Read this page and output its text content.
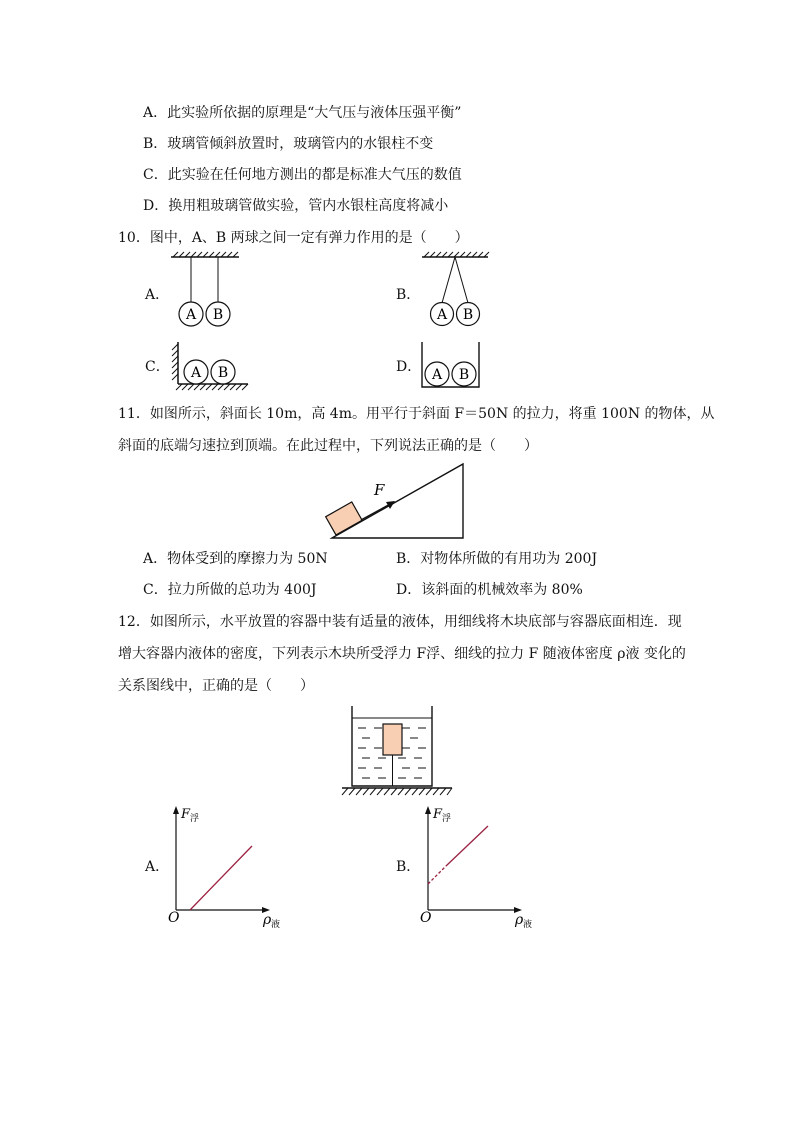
A．此实验所依据的原理是“大气压与液体压强平衡”
B．玻璃管倾斜放置时，玻璃管内的水银柱不变
C．此实验在任何地方测出的都是标准大气压的数值
D．换用粗玻璃管做实验，管内水银柱高度将减小
10．图中，A、B 两球之间一定有弹力作用的是（　　）
A．
A B
B．
A B
C． A B	D． A B
11．如图所示，斜面长 10m，高 4m。用平行于斜面 F＝50N 的拉力，将重 100N 的物体，从
斜面的底端匀速拉到顶端。在此过程中，下列说法正确的是（　　）
F
A．物体受到的摩擦力为 50N	B．对物体所做的有用功为 200J
C．拉力所做的总功为 400J	D．该斜面的机械效率为 80%
12．如图所示，水平放置的容器中装有适量的液体，用细线将木块底部与容器底面相连．现
增大容器内液体的密度，下列表示木块所受浮力 F浮、细线的拉力 F 随液体密度 ρ液 变化的
关系图线中，正确的是（　　）
A．
F 浮
O	ρ 液
B．
F 浮
O	ρ 液
